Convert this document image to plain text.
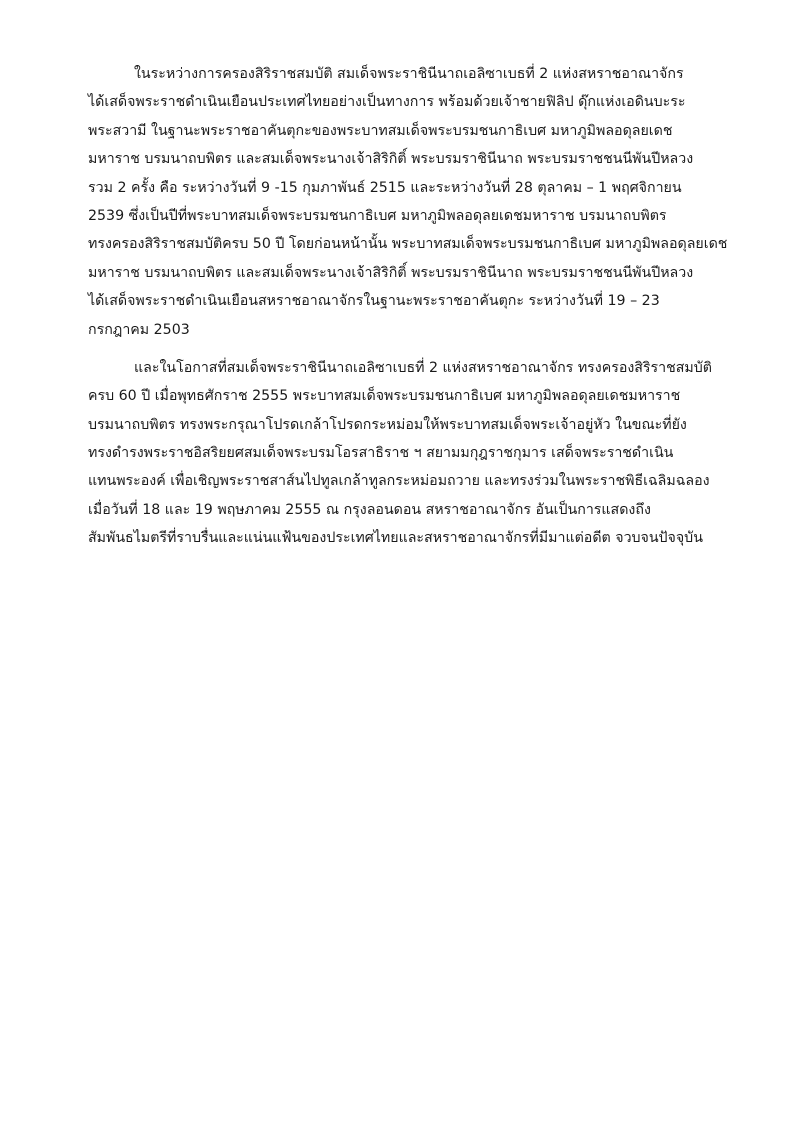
ในระหว่างการครองสิริราชสมบัติ สมเด็จพระราชินีนาถเอลิซาเบธที่ 2 แห่งสหราชอาณาจักร
ได้เสด็จพระราชดำเนินเยือนประเทศไทยอย่างเป็นทางการ พร้อมด้วยเจ้าชายฟิลิป ดุ๊กแห่งเอดินบะระ
พระสวามี ในฐานะพระราชอาคันตุกะของพระบาทสมเด็จพระบรมชนกาธิเบศ มหาภูมิพลอดุลยเดช
มหาราช บรมนาถบพิตร และสมเด็จพระนางเจ้าสิริกิติ์ พระบรมราชินีนาถ พระบรมราชชนนีพันปีหลวง
รวม 2 ครั้ง คือ ระหว่างวันที่ 9 -15 กุมภาพันธ์ 2515 และระหว่างวันที่ 28 ตุลาคม – 1 พฤศจิกายน
2539 ซึ่งเป็นปีที่พระบาทสมเด็จพระบรมชนกาธิเบศ มหาภูมิพลอดุลยเดชมหาราช บรมนาถบพิตร
ทรงครองสิริราชสมบัติครบ 50 ปี โดยก่อนหน้านั้น พระบาทสมเด็จพระบรมชนกาธิเบศ มหาภูมิพลอดุลยเดช
มหาราช บรมนาถบพิตร และสมเด็จพระนางเจ้าสิริกิติ์ พระบรมราชินีนาถ พระบรมราชชนนีพันปีหลวง
ได้เสด็จพระราชดำเนินเยือนสหราชอาณาจักรในฐานะพระราชอาคันตุกะ ระหว่างวันที่ 19 – 23
กรกฎาคม 2503
และในโอกาสที่สมเด็จพระราชินีนาถเอลิซาเบธที่ 2 แห่งสหราชอาณาจักร ทรงครองสิริราชสมบัติ
ครบ 60 ปี เมื่อพุทธศักราช 2555 พระบาทสมเด็จพระบรมชนกาธิเบศ มหาภูมิพลอดุลยเดชมหาราช
บรมนาถบพิตร ทรงพระกรุณาโปรดเกล้าโปรดกระหม่อมให้พระบาทสมเด็จพระเจ้าอยู่หัว ในขณะที่ยัง
ทรงดำรงพระราชอิสริยยศสมเด็จพระบรมโอรสาธิราช ฯ สยามมกุฎราชกุมาร เสด็จพระราชดำเนิน
แทนพระองค์ เพื่อเชิญพระราชสาส์นไปทูลเกล้าทูลกระหม่อมถวาย และทรงร่วมในพระราชพิธีเฉลิมฉลอง
เมื่อวันที่ 18 และ 19 พฤษภาคม 2555 ณ กรุงลอนดอน สหราชอาณาจักร อันเป็นการแสดงถึง
สัมพันธไมตรีที่ราบรื่นและแน่นแฟ้นของประเทศไทยและสหราชอาณาจักรที่มีมาแต่อดีต จวบจนปัจจุบัน
